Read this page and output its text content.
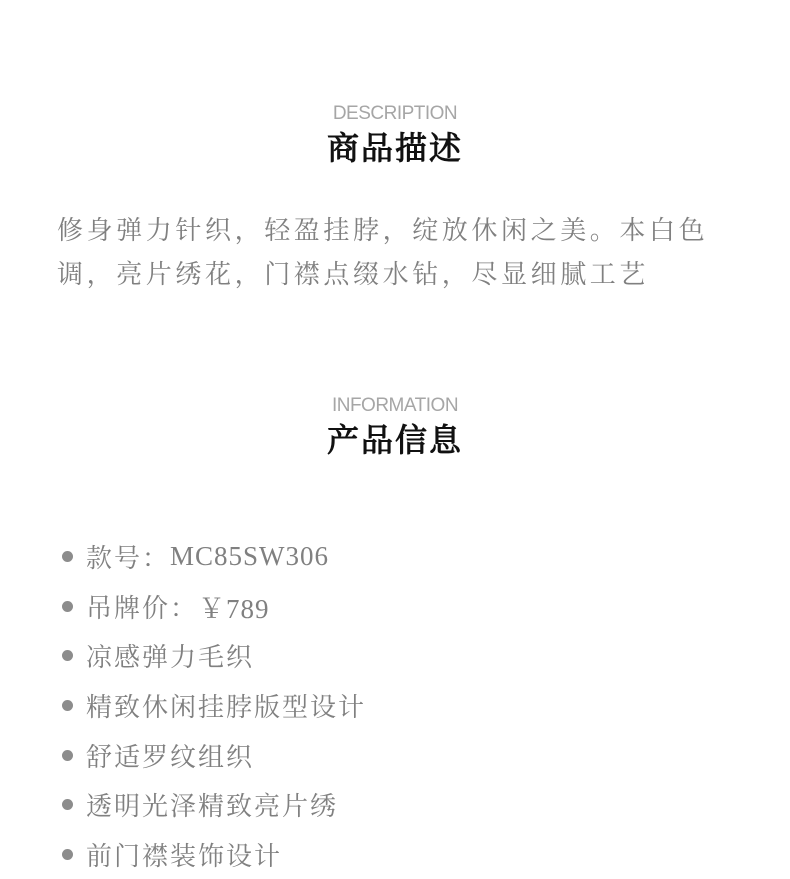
DESCRIPTION
商品描述

修身弹力针织，轻盈挂脖，绽放休闲之美。本白色调，亮片绣花，门襟点缀水钻，尽显细腻工艺

INFORMATION
产品信息
款号： MC85SW306
吊牌价： ￥789
凉感弹力毛织
精致休闲挂脖版型设计
舒适罗纹组织
透明光泽精致亮片绣
前门襟装饰设计
